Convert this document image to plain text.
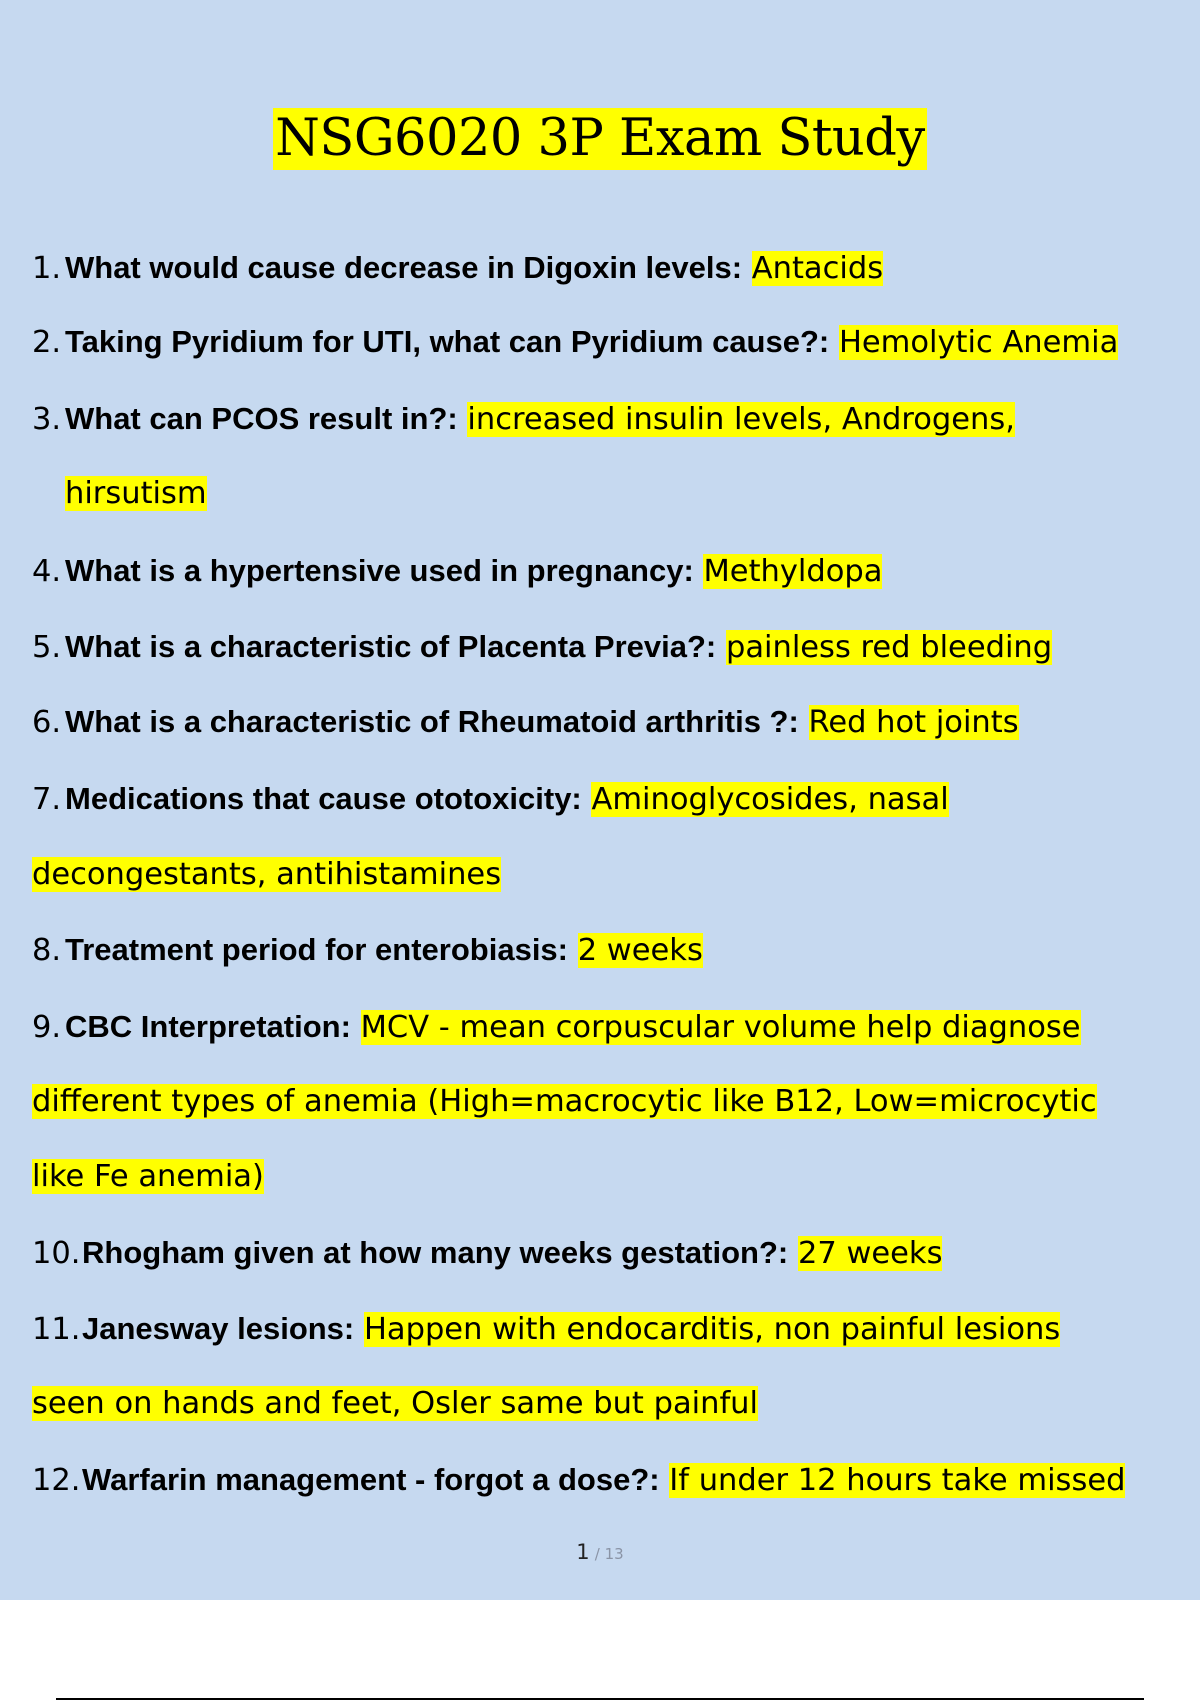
NSG6020 3P Exam Study
1. What would cause decrease in Digoxin levels: Antacids
2. Taking Pyridium for UTI, what can Pyridium cause?: Hemolytic Anemia
3. What can PCOS result in?: increased insulin levels, Androgens,
hirsutism
4. What is a hypertensive used in pregnancy: Methyldopa
5. What is a characteristic of Placenta Previa?: painless red bleeding
6. What is a characteristic of Rheumatoid arthritis ?: Red hot joints
7. Medications that cause ototoxicity: Aminoglycosides, nasal
decongestants, antihistamines
8. Treatment period for enterobiasis: 2 weeks
9. CBC Interpretation: MCV - mean corpuscular volume help diagnose
different types of anemia (High=macrocytic like B12, Low=microcytic
like Fe anemia)
10.Rhogham given at how many weeks gestation?: 27 weeks
11.Janesway lesions: Happen with endocarditis, non painful lesions
seen on hands and feet, Osler same but painful
12.Warfarin management - forgot a dose?: If under 12 hours take missed
1 / 13
